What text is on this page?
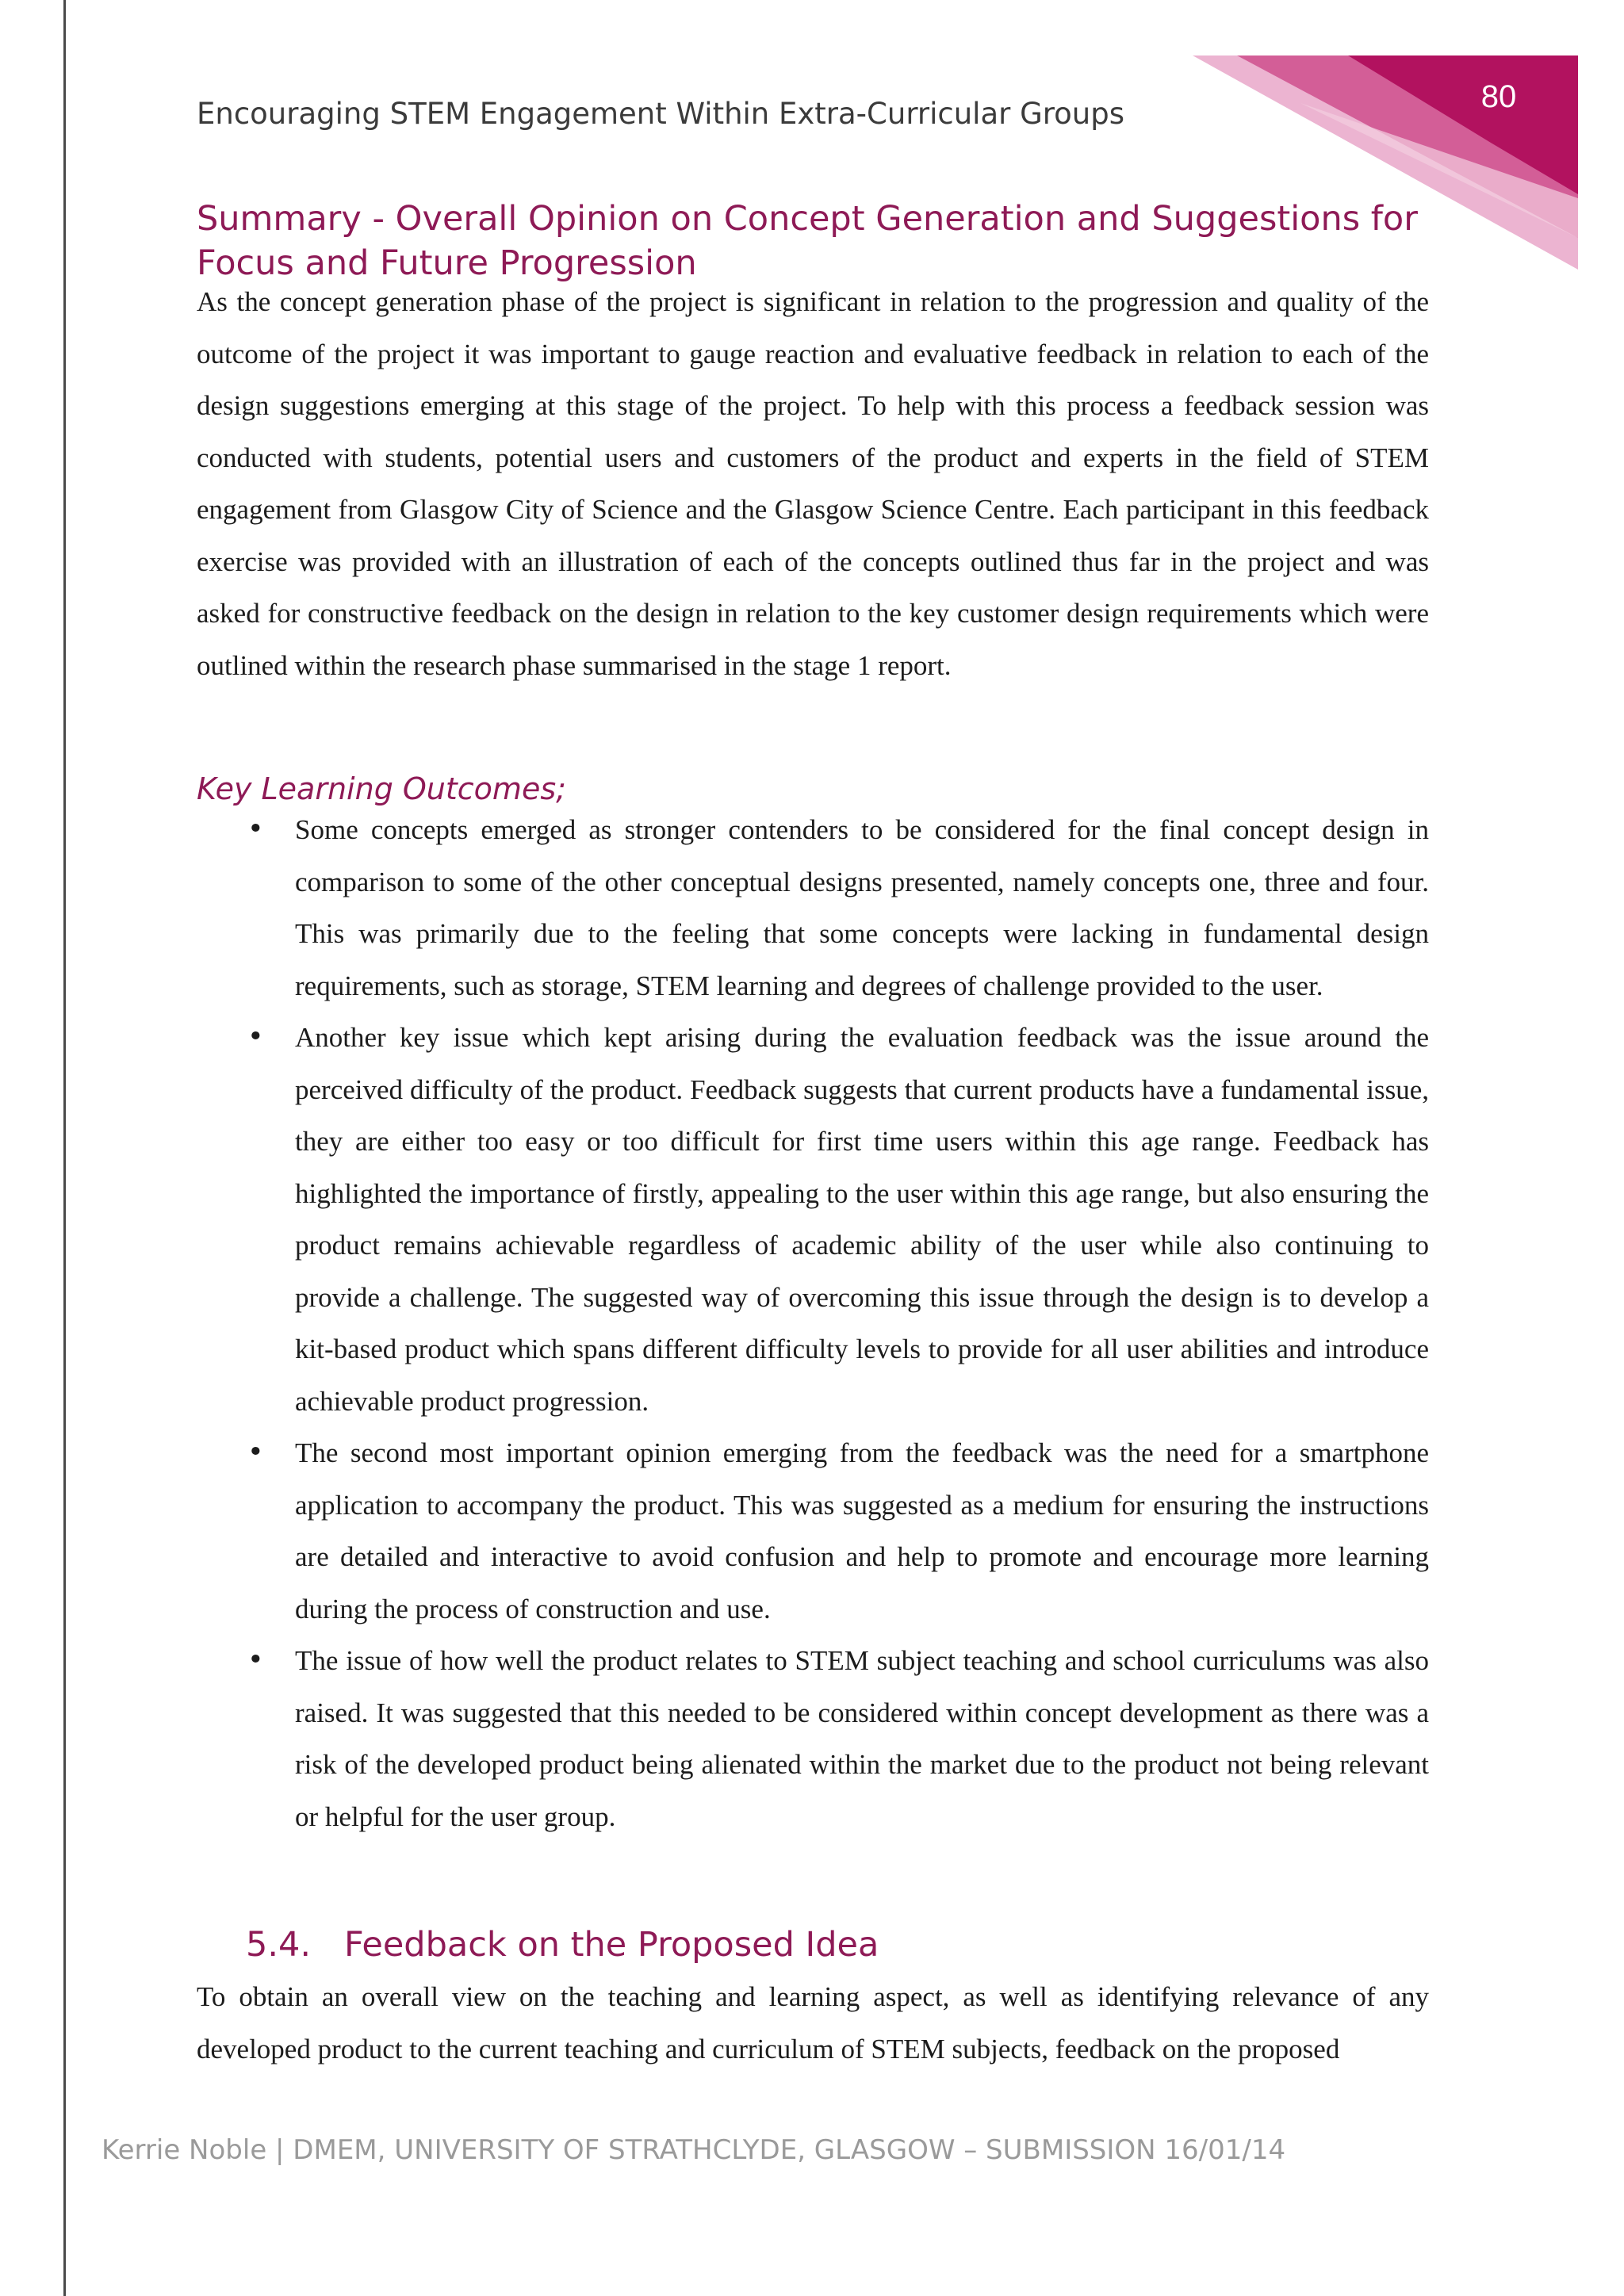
80
Encouraging STEM Engagement Within Extra-Curricular Groups
Summary - Overall Opinion on Concept Generation and Suggestions for Focus and Future Progression

As the concept generation phase of the project is significant in relation to the progression and quality of the outcome of the project it was important to gauge reaction and evaluative feedback in relation to each of the design suggestions emerging at this stage of the project. To help with this process a feedback session was conducted with students, potential users and customers of the product and experts in the field of STEM engagement from Glasgow City of Science and the Glasgow Science Centre. Each participant in this feedback exercise was provided with an illustration of each of the concepts outlined thus far in the project and was asked for constructive feedback on the design in relation to the key customer design requirements which were outlined within the research phase summarised in the stage 1 report.

Key Learning Outcomes;
• Some concepts emerged as stronger contenders to be considered for the final concept design in comparison to some of the other conceptual designs presented, namely concepts one, three and four. This was primarily due to the feeling that some concepts were lacking in fundamental design requirements, such as storage, STEM learning and degrees of challenge provided to the user.
• Another key issue which kept arising during the evaluation feedback was the issue around the perceived difficulty of the product. Feedback suggests that current products have a fundamental issue, they are either too easy or too difficult for first time users within this age range. Feedback has highlighted the importance of firstly, appealing to the user within this age range, but also ensuring the product remains achievable regardless of academic ability of the user while also continuing to provide a challenge. The suggested way of overcoming this issue through the design is to develop a kit-based product which spans different difficulty levels to provide for all user abilities and introduce achievable product progression.
• The second most important opinion emerging from the feedback was the need for a smartphone application to accompany the product. This was suggested as a medium for ensuring the instructions are detailed and interactive to avoid confusion and help to promote and encourage more learning during the process of construction and use.
• The issue of how well the product relates to STEM subject teaching and school curriculums was also raised. It was suggested that this needed to be considered within concept development as there was a risk of the developed product being alienated within the market due to the product not being relevant or helpful for the user group.
5.4. Feedback on the Proposed Idea

To obtain an overall view on the teaching and learning aspect, as well as identifying relevance of any developed product to the current teaching and curriculum of STEM subjects, feedback on the proposed

Kerrie Noble | DMEM, UNIVERSITY OF STRATHCLYDE, GLASGOW – SUBMISSION 16/01/14
